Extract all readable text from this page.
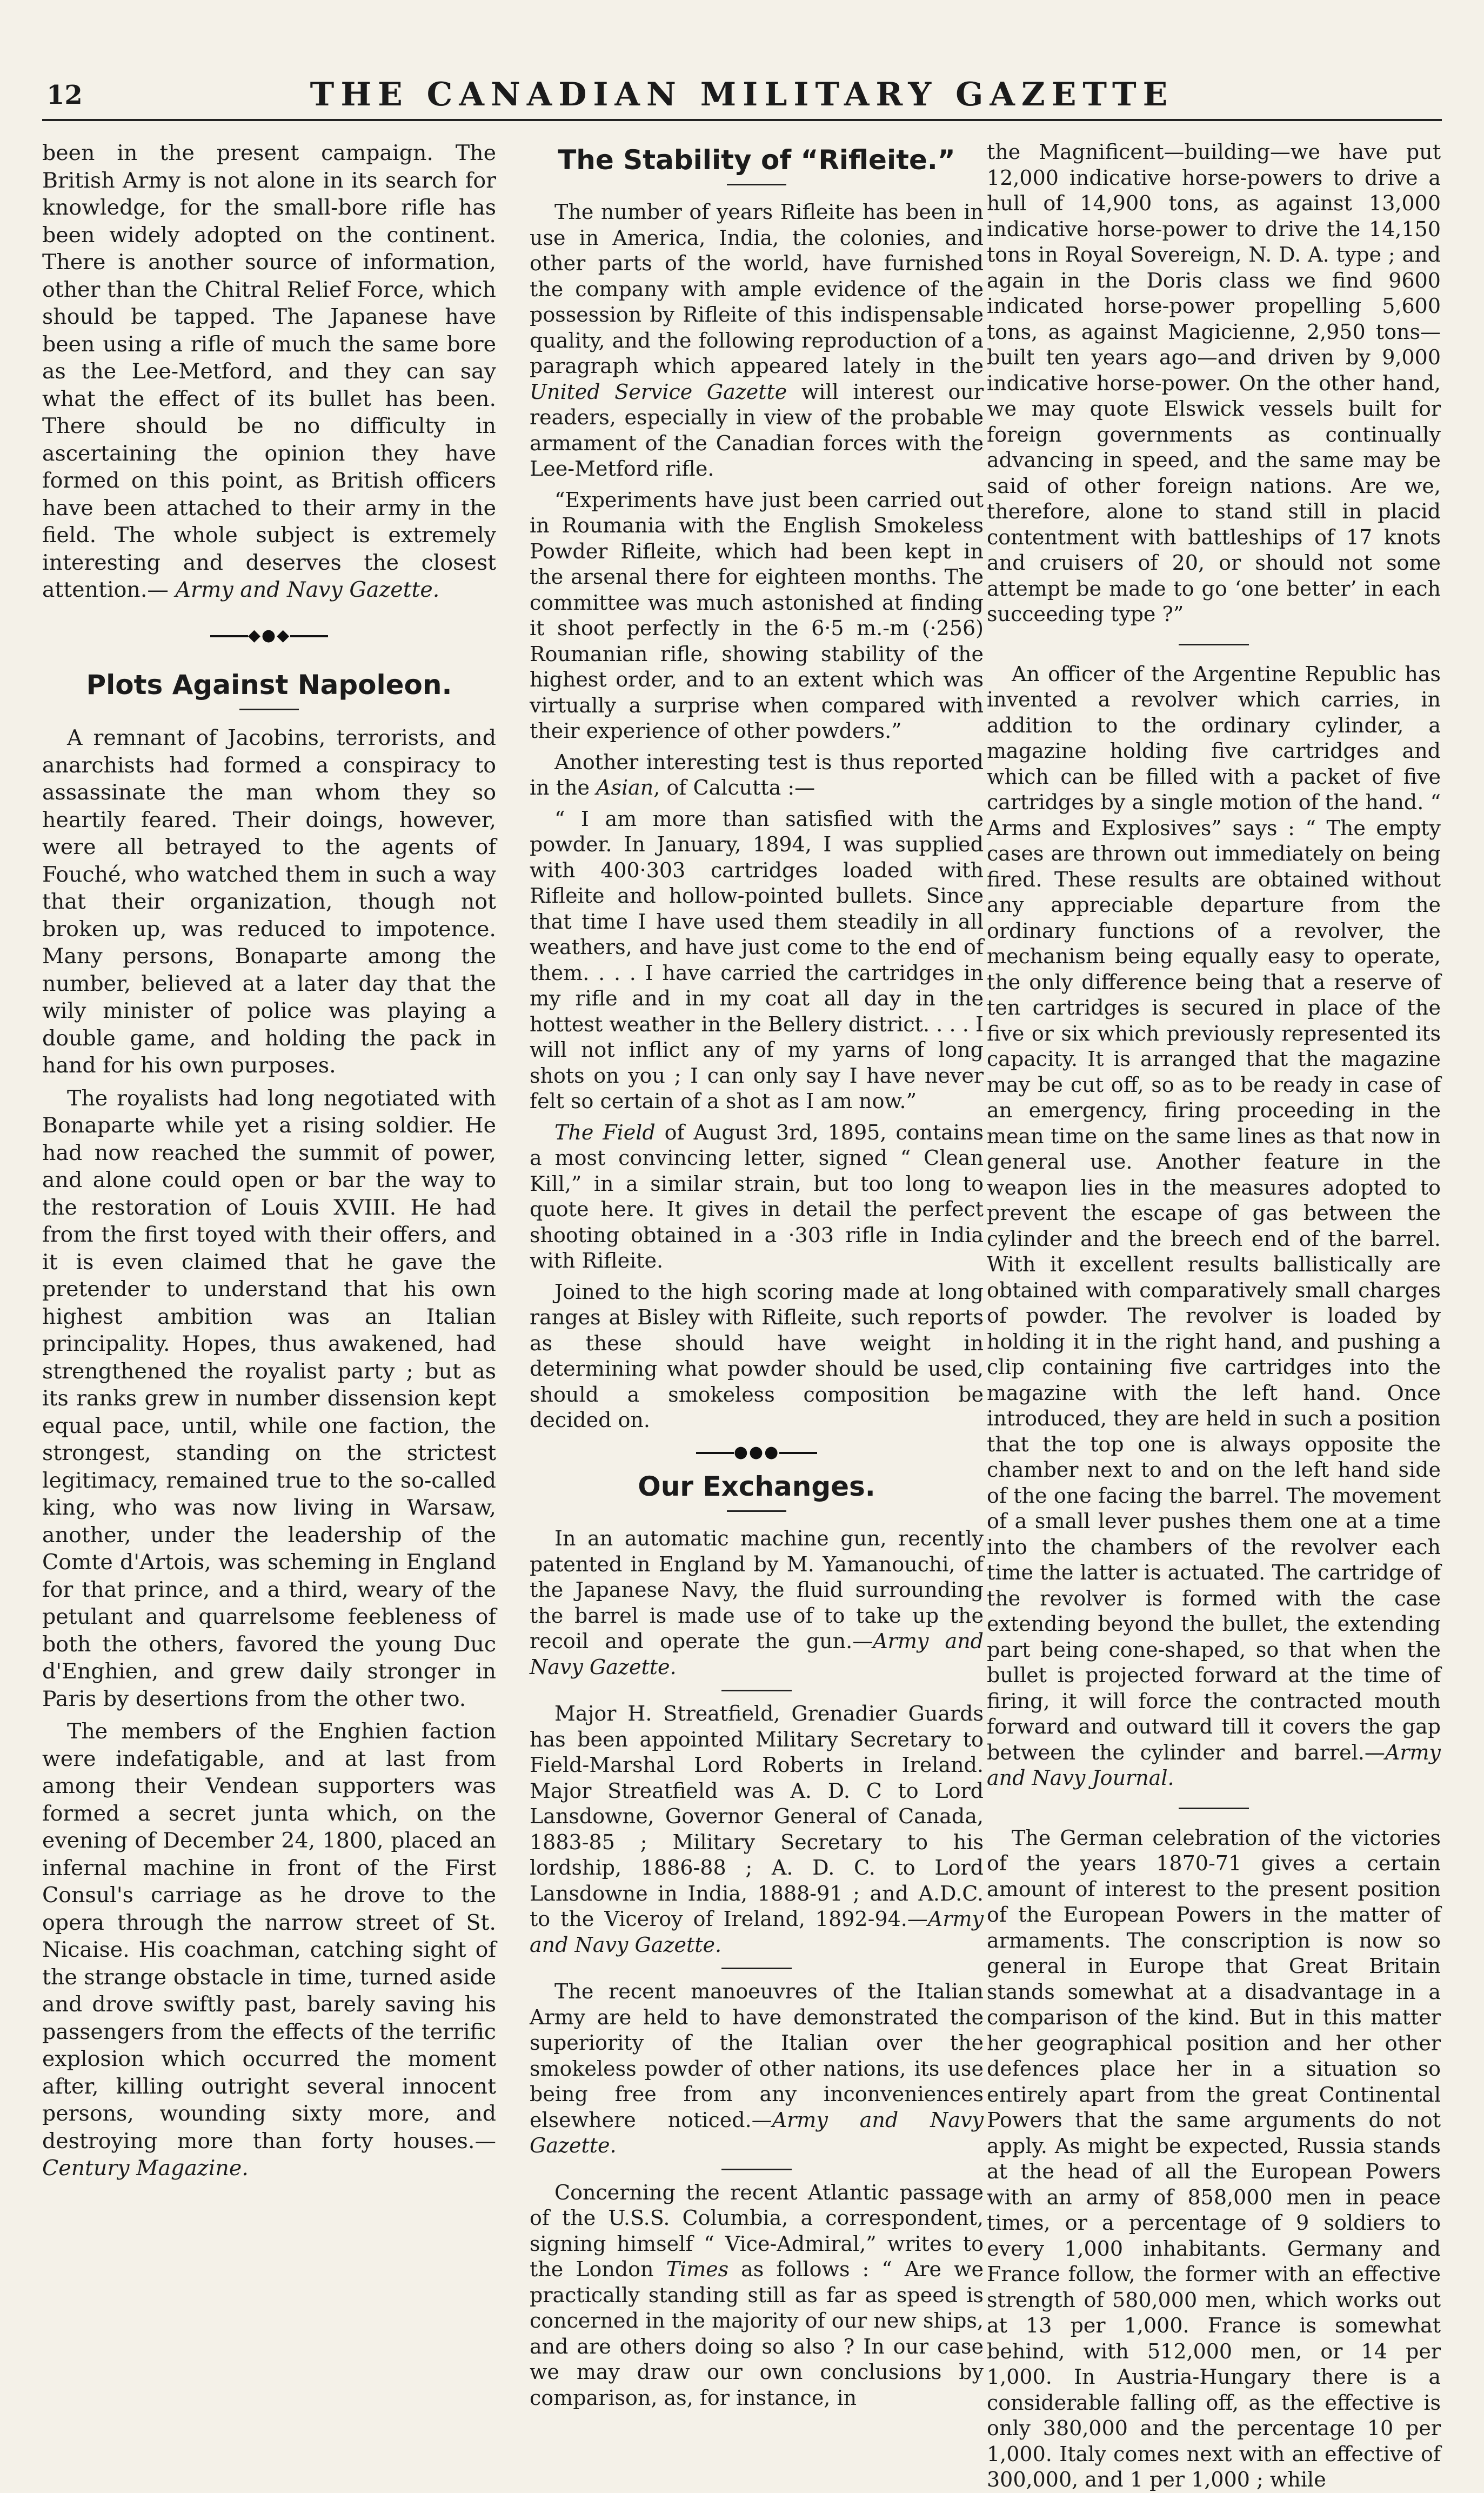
12	THE CANADIAN MILITARY GAZETTE

been in the present campaign. The British Army is not alone in its search for knowledge, for the small-bore rifle has been widely adopted on the continent. There is another source of information, other than the Chitral Relief Force, which should be tapped. The Japanese have been using a rifle of much the same bore as the Lee-Metford, and they can say what the effect of its bullet has been. There should be no difficulty in ascertaining the opinion they have formed on this point, as British officers have been attached to their army in the field. The whole subject is extremely interesting and deserves the closest attention.— Army and Navy Gazette.

◆●◆
Plots Against Napoleon.

A remnant of Jacobins, terrorists, and anarchists had formed a conspiracy to assassinate the man whom they so heartily feared. Their doings, however, were all betrayed to the agents of Fouché, who watched them in such a way that their organization, though not broken up, was reduced to impotence. Many persons, Bonaparte among the number, believed at a later day that the wily minister of police was playing a double game, and holding the pack in hand for his own purposes.

The royalists had long negotiated with Bonaparte while yet a rising soldier. He had now reached the summit of power, and alone could open or bar the way to the restoration of Louis XVIII. He had from the first toyed with their offers, and it is even claimed that he gave the pretender to understand that his own highest ambition was an Italian principality. Hopes, thus awakened, had strengthened the royalist party ; but as its ranks grew in number dissension kept equal pace, until, while one faction, the strongest, standing on the strictest legitimacy, remained true to the so-called king, who was now living in Warsaw, another, under the leadership of the Comte d'Artois, was scheming in England for that prince, and a third, weary of the petulant and quarrelsome feebleness of both the others, favored the young Duc d'Enghien, and grew daily stronger in Paris by desertions from the other two.

The members of the Enghien faction were indefatigable, and at last from among their Vendean supporters was formed a secret junta which, on the evening of December 24, 1800, placed an infernal machine in front of the First Consul's carriage as he drove to the opera through the narrow street of St. Nicaise. His coachman, catching sight of the strange obstacle in time, turned aside and drove swiftly past, barely saving his passengers from the effects of the terrific explosion which occurred the moment after, killing outright several innocent persons, wounding sixty more, and destroying more than forty houses.— Century Magazine.

The Stability of “Rifleite.”

The number of years Rifleite has been in use in America, India, the colonies, and other parts of the world, have furnished the company with ample evidence of the possession by Rifleite of this indispensable quality, and the following reproduction of a paragraph which appeared lately in the United Service Gazette will interest our readers, especially in view of the probable armament of the Canadian forces with the Lee-Metford rifle.

“Experiments have just been carried out in Roumania with the English Smokeless Powder Rifleite, which had been kept in the arsenal there for eighteen months. The committee was much astonished at finding it shoot perfectly in the 6·5 m.-m (·256) Roumanian rifle, showing stability of the highest order, and to an extent which was virtually a surprise when compared with their experience of other powders.”

Another interesting test is thus reported in the Asian, of Calcutta :—

“ I am more than satisfied with the powder. In January, 1894, I was supplied with 400·303 cartridges loaded with Rifleite and hollow-pointed bullets. Since that time I have used them steadily in all weathers, and have just come to the end of them. . . . I have carried the cartridges in my rifle and in my coat all day in the hottest weather in the Bellery district. . . . I will not inflict any of my yarns of long shots on you ; I can only say I have never felt so certain of a shot as I am now.”

The Field of August 3rd, 1895, contains a most convincing letter, signed “ Clean Kill,” in a similar strain, but too long to quote here. It gives in detail the perfect shooting obtained in a ·303 rifle in India with Rifleite.

Joined to the high scoring made at long ranges at Bisley with Rifleite, such reports as these should have weight in determining what powder should be used, should a smokeless composition be decided on.

●●●
Our Exchanges.

In an automatic machine gun, recently patented in England by M. Yamanouchi, of the Japanese Navy, the fluid surrounding the barrel is made use of to take up the recoil and operate the gun.—Army and Navy Gazette.

Major H. Streatfield, Grenadier Guards has been appointed Military Secretary to Field-Marshal Lord Roberts in Ireland. Major Streatfield was A. D. C to Lord Lansdowne, Governor General of Canada, 1883-85 ; Military Secretary to his lordship, 1886-88 ; A. D. C. to Lord Lansdowne in India, 1888-91 ; and A.D.C. to the Viceroy of Ireland, 1892-94.—Army and Navy Gazette.

The recent manoeuvres of the Italian Army are held to have demonstrated the superiority of the Italian over the smokeless powder of other nations, its use being free from any inconveniences elsewhere noticed.—Army and Navy Gazette.

Concerning the recent Atlantic passage of the U.S.S. Columbia, a correspondent, signing himself “ Vice-Admiral,” writes to the London Times as follows : “ Are we practically standing still as far as speed is concerned in the majority of our new ships, and are others doing so also ? In our case we may draw our own conclusions by comparison, as, for instance, in

the Magnificent—building—we have put 12,000 indicative horse-powers to drive a hull of 14,900 tons, as against 13,000 indicative horse-power to drive the 14,150 tons in Royal Sovereign, N. D. A. type ; and again in the Doris class we find 9600 indicated horse-power propelling 5,600 tons, as against Magicienne, 2,950 tons—built ten years ago—and driven by 9,000 indicative horse-power. On the other hand, we may quote Elswick vessels built for foreign governments as continually advancing in speed, and the same may be said of other foreign nations. Are we, therefore, alone to stand still in placid contentment with battleships of 17 knots and cruisers of 20, or should not some attempt be made to go ‘one better’ in each succeeding type ?”

An officer of the Argentine Republic has invented a revolver which carries, in addition to the ordinary cylinder, a magazine holding five cartridges and which can be filled with a packet of five cartridges by a single motion of the hand. “ Arms and Explosives” says : “ The empty cases are thrown out immediately on being fired. These results are obtained without any appreciable departure from the ordinary functions of a revolver, the mechanism being equally easy to operate, the only difference being that a reserve of ten cartridges is secured in place of the five or six which previously represented its capacity. It is arranged that the magazine may be cut off, so as to be ready in case of an emergency, firing proceeding in the mean time on the same lines as that now in general use. Another feature in the weapon lies in the measures adopted to prevent the escape of gas between the cylinder and the breech end of the barrel. With it excellent results ballistically are obtained with comparatively small charges of powder. The revolver is loaded by holding it in the right hand, and pushing a clip containing five cartridges into the magazine with the left hand. Once introduced, they are held in such a position that the top one is always opposite the chamber next to and on the left hand side of the one facing the barrel. The movement of a small lever pushes them one at a time into the chambers of the revolver each time the latter is actuated. The cartridge of the revolver is formed with the case extending beyond the bullet, the extending part being cone-shaped, so that when the bullet is projected forward at the time of firing, it will force the contracted mouth forward and outward till it covers the gap between the cylinder and barrel.—Army and Navy Journal.

The German celebration of the victories of the years 1870-71 gives a certain amount of interest to the present position of the European Powers in the matter of armaments. The conscription is now so general in Europe that Great Britain stands somewhat at a disadvantage in a comparison of the kind. But in this matter her geographical position and her other defences place her in a situation so entirely apart from the great Continental Powers that the same arguments do not apply. As might be expected, Russia stands at the head of all the European Powers with an army of 858,000 men in peace times, or a percentage of 9 soldiers to every 1,000 inhabitants. Germany and France follow, the former with an effective strength of 580,000 men, which works out at 13 per 1,000. France is somewhat behind, with 512,000 men, or 14 per 1,000. In Austria-Hungary there is a considerable falling off, as the effective is only 380,000 and the percentage 10 per 1,000. Italy comes next with an effective of 300,000, and 1 per 1,000 ; while
